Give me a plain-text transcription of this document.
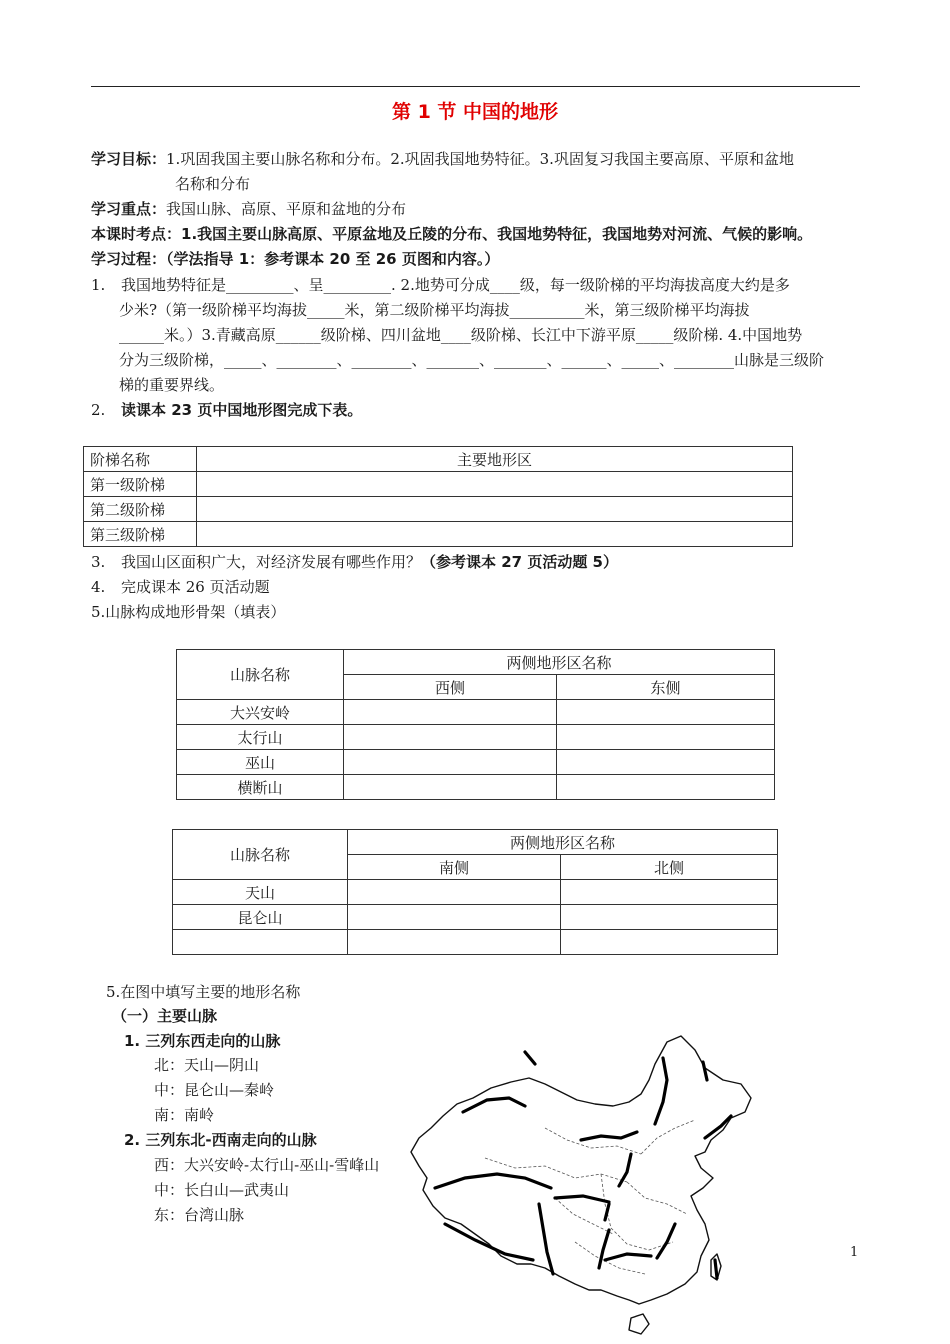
第 1 节 中国的地形
学习目标：1.巩固我国主要山脉名称和分布。2.巩固我国地势特征。3.巩固复习我国主要高原、平原和盆地
名称和分布
学习重点：我国山脉、高原、平原和盆地的分布
本课时考点：1.我国主要山脉高原、平原盆地及丘陵的分布、我国地势特征，我国地势对河流、气候的影响。
学习过程：（学法指导 1：参考课本 20 至 26 页图和内容。）
1. 我国地势特征是_________、呈_________. 2.地势可分成____级，每一级阶梯的平均海拔高度大约是多
少米?（第一级阶梯平均海拔_____米，第二级阶梯平均海拔__________米，第三级阶梯平均海拔
______米。）3.青藏高原______级阶梯、四川盆地____级阶梯、长江中下游平原_____级阶梯. 4.中国地势
分为三级阶梯，_____、________、________、_______、_______、______、_____、________山脉是三级阶
梯的重要界线。
2. 读课本 23 页中国地形图完成下表。
阶梯名称	主要地形区
第一级阶梯	
第二级阶梯	
第三级阶梯	
3. 我国山区面积广大，对经济发展有哪些作用？（参考课本 27 页活动题 5）
4. 完成课本 26 页活动题
5.山脉构成地形骨架（填表）
山脉名称	两侧地形区名称	
	西侧	东侧
大兴安岭		
太行山		
巫山		
横断山		
山脉名称	两侧地形区名称	
	南侧	北侧
天山		
昆仑山		

5.在图中填写主要的地形名称
（一）主要山脉
1. 三列东西走向的山脉
北：天山—阴山
中：昆仑山—秦岭
南：南岭
2. 三列东北-西南走向的山脉
西：大兴安岭-太行山-巫山-雪峰山
中：长白山—武夷山
东：台湾山脉
1
